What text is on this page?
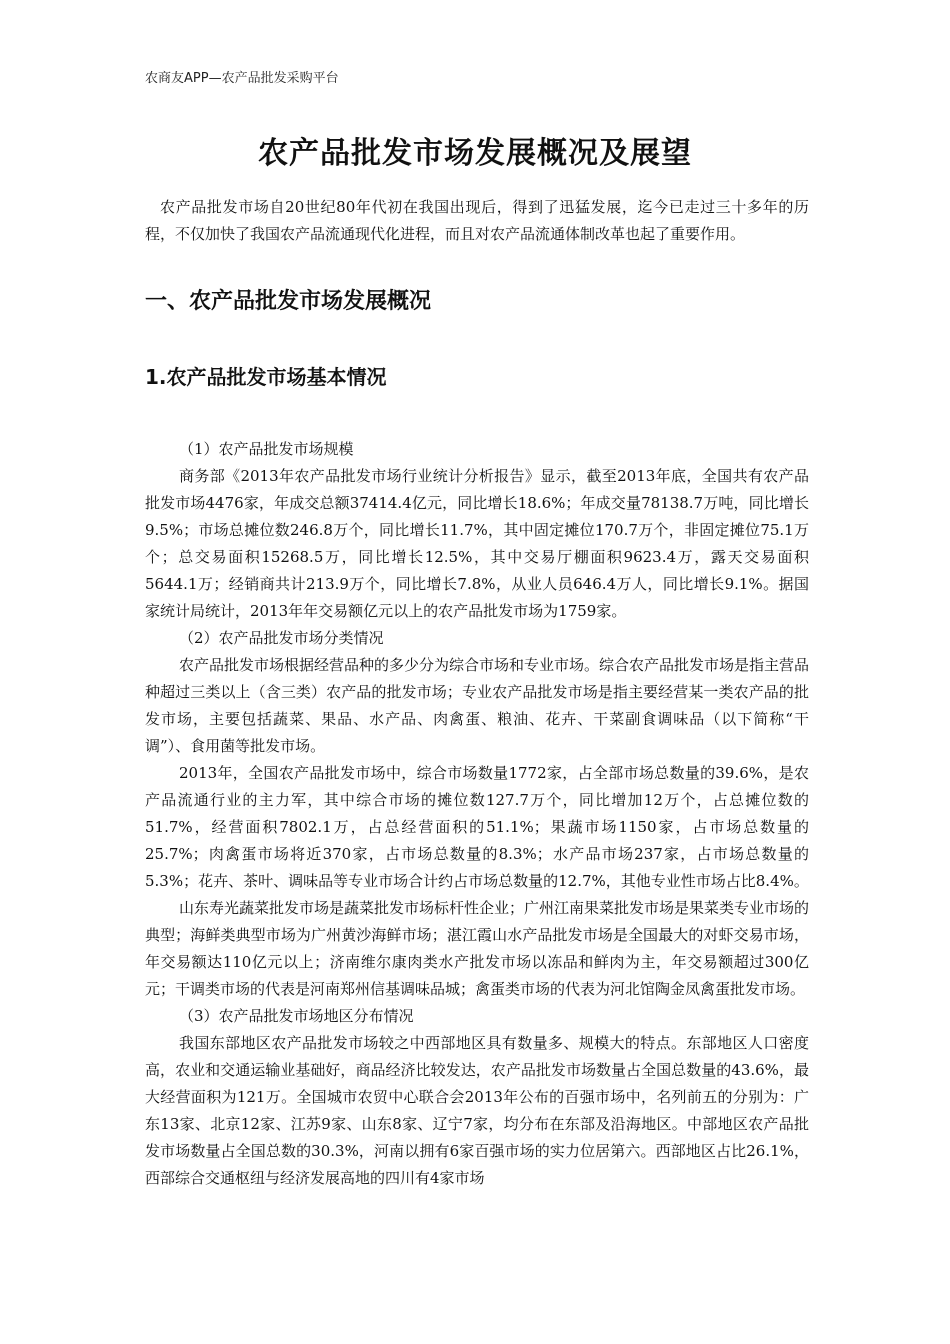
农商友APP—农产品批发采购平台
农产品批发市场发展概况及展望

农产品批发市场自20世纪80年代初在我国出现后，得到了迅猛发展，迄今已走过三十多年的历程，不仅加快了我国农产品流通现代化进程，而且对农产品流通体制改革也起了重要作用。

一、农产品批发市场发展概况
1.农产品批发市场基本情况

（1）农产品批发市场规模

商务部《2013年农产品批发市场行业统计分析报告》显示，截至2013年底，全国共有农产品批发市场4476家，年成交总额37414.4亿元，同比增长18.6%；年成交量78138.7万吨，同比增长9.5%；市场总摊位数246.8万个，同比增长11.7%，其中固定摊位170.7万个，非固定摊位75.1万个；总交易面积15268.5万，同比增长12.5%，其中交易厅棚面积9623.4万，露天交易面积5644.1万；经销商共计213.9万个，同比增长7.8%，从业人员646.4万人，同比增长9.1%。据国家统计局统计，2013年年交易额亿元以上的农产品批发市场为1759家。

（2）农产品批发市场分类情况

农产品批发市场根据经营品种的多少分为综合市场和专业市场。综合农产品批发市场是指主营品种超过三类以上（含三类）农产品的批发市场；专业农产品批发市场是指主要经营某一类农产品的批发市场，主要包括蔬菜、果品、水产品、肉禽蛋、粮油、花卉、干菜副食调味品（以下简称“干调”）、食用菌等批发市场。

2013年，全国农产品批发市场中，综合市场数量1772家，占全部市场总数量的39.6%，是农产品流通行业的主力军，其中综合市场的摊位数127.7万个，同比增加12万个，占总摊位数的51.7%，经营面积7802.1万，占总经营面积的51.1%；果蔬市场1150家，占市场总数量的25.7%；肉禽蛋市场将近370家，占市场总数量的8.3%；水产品市场237家，占市场总数量的5.3%；花卉、茶叶、调味品等专业市场合计约占市场总数量的12.7%，其他专业性市场占比8.4%。

山东寿光蔬菜批发市场是蔬菜批发市场标杆性企业；广州江南果菜批发市场是果菜类专业市场的典型；海鲜类典型市场为广州黄沙海鲜市场；湛江霞山水产品批发市场是全国最大的对虾交易市场，年交易额达110亿元以上；济南维尔康肉类水产批发市场以冻品和鲜肉为主，年交易额超过300亿元；干调类市场的代表是河南郑州信基调味品城；禽蛋类市场的代表为河北馆陶金凤禽蛋批发市场。

（3）农产品批发市场地区分布情况

我国东部地区农产品批发市场较之中西部地区具有数量多、规模大的特点。东部地区人口密度高，农业和交通运输业基础好，商品经济比较发达，农产品批发市场数量占全国总数量的43.6%，最大经营面积为121万。全国城市农贸中心联合会2013年公布的百强市场中，名列前五的分别为：广东13家、北京12家、江苏9家、山东8家、辽宁7家，均分布在东部及沿海地区。中部地区农产品批发市场数量占全国总数的30.3%，河南以拥有6家百强市场的实力位居第六。西部地区占比26.1%，西部综合交通枢纽与经济发展高地的四川有4家市场
